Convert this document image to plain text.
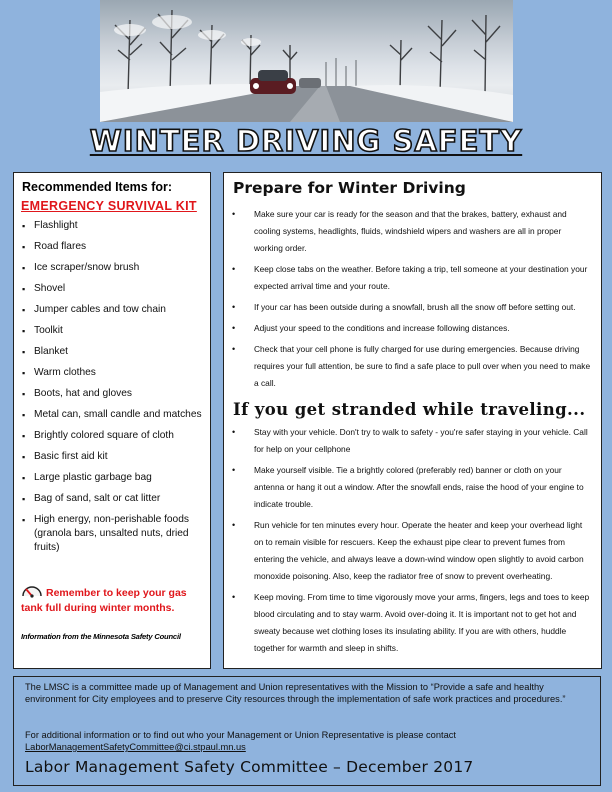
WINTER DRIVING SAFETY
Recommended Items for:
EMERGENCY SURVIVAL KIT
▪ Flashlight
▪ Road flares
▪ Ice scraper/snow brush
▪ Shovel
▪ Jumper cables and tow chain
▪ Toolkit
▪ Blanket
▪ Warm clothes
▪ Boots, hat and gloves
▪ Metal can, small candle and matches
▪ Brightly colored square of cloth
▪ Basic first aid kit
▪ Large plastic garbage bag
▪ Bag of sand, salt or cat litter
▪ High energy, non-perishable foods (granola bars, unsalted nuts, dried fruits)
Remember to keep your gas tank full during winter months.
Information from the Minnesota Safety Council
Prepare for Winter Driving
• Make sure your car is ready for the season and that the brakes, battery, exhaust and cooling systems, headlights, fluids, windshield wipers and washers are all in proper working order.
• Keep close tabs on the weather. Before taking a trip, tell someone at your destination your expected arrival time and your route.
• If your car has been outside during a snowfall, brush all the snow off before setting out.
• Adjust your speed to the conditions and increase following distances.
• Check that your cell phone is fully charged for use during emergencies. Because driving requires your full attention, be sure to find a safe place to pull over when you need to make a call.
If you get stranded while traveling...
• Stay with your vehicle. Don't try to walk to safety - you're safer staying in your vehicle. Call for help on your cellphone
• Make yourself visible. Tie a brightly colored (preferably red) banner or cloth on your antenna or hang it out a window. After the snowfall ends, raise the hood of your engine to indicate trouble.
• Run vehicle for ten minutes every hour. Operate the heater and keep your overhead light on to remain visible for rescuers. Keep the exhaust pipe clear to prevent fumes from entering the vehicle, and always leave a down-wind window open slightly to avoid carbon monoxide poisoning. Also, keep the radiator free of snow to prevent overheating.
• Keep moving. From time to time vigorously move your arms, fingers, legs and toes to keep blood circulating and to stay warm. Avoid over-doing it. It is important not to get hot and sweaty because wet clothing loses its insulating ability. If you are with others, huddle together for warmth and sleep in shifts.
The LMSC is a committee made up of Management and Union representatives with the Mission to “Provide a safe and healthy environment for City employees and to preserve City resources through the implementation of safe work practices and procedures.”
For additional information or to find out who your Management or Union Representative is please contact
LaborManagementSafetyCommittee@ci.stpaul.mn.us
Labor Management Safety Committee – December 2017
